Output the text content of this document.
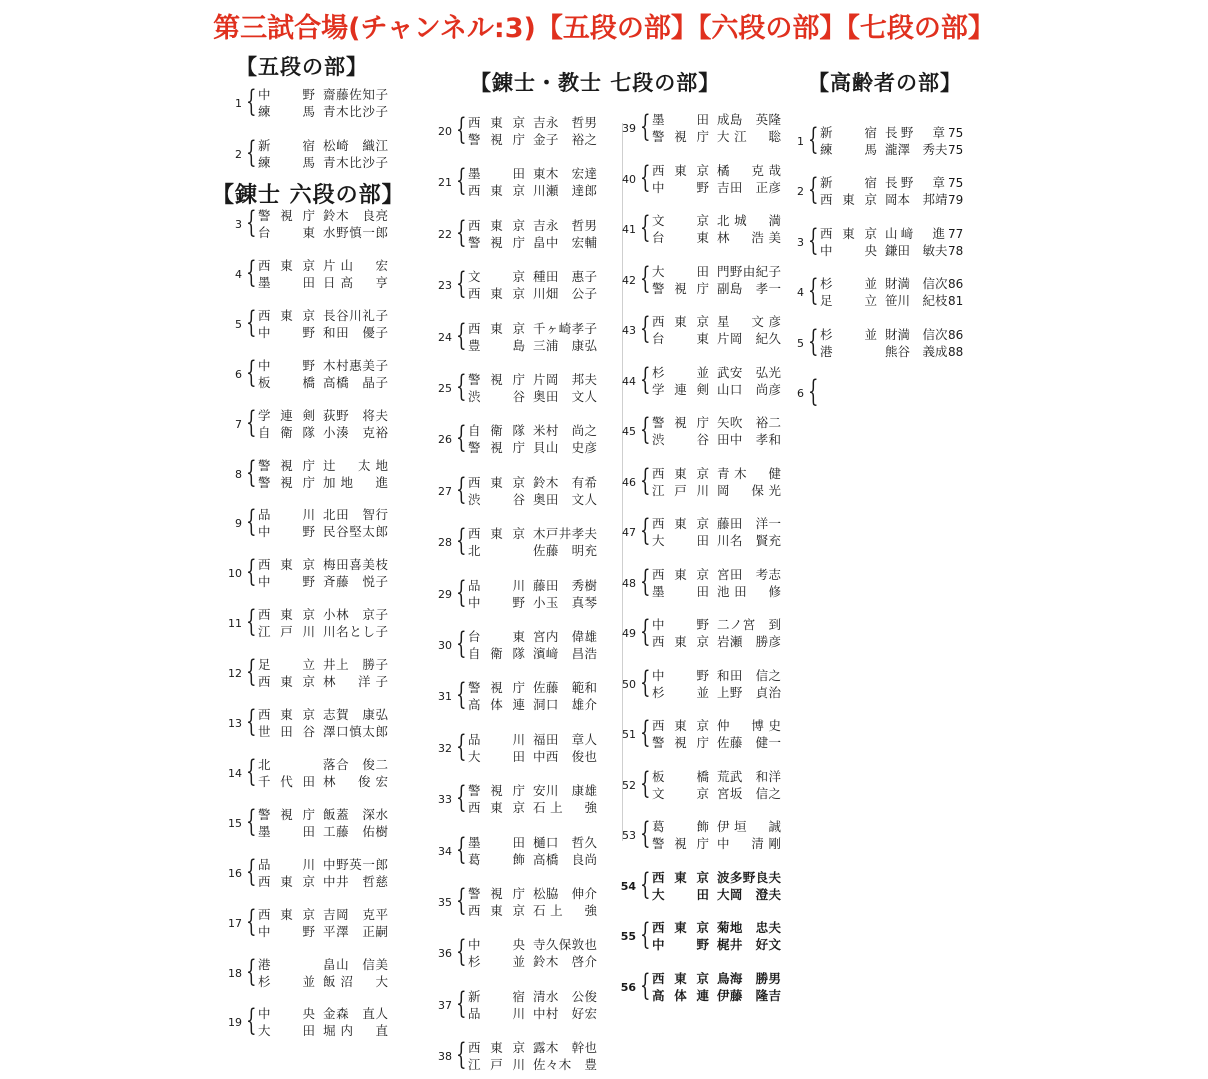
第三試合場(チャンネル:3)【五段の部】【六段の部】【七段の部】
【五段の部】
【錬士 六段の部】
【錬士・教士 七段の部】	【高齢者の部】
1 { 中　野 齋藤佐知子
練　馬 青木比沙子
2 { 新　宿 松崎　織江
練　馬 青木比沙子
3 { 警視庁 鈴木　良亮
台　東 水野慎一郎
4 { 西東京 片山　宏
墨　田 日高　亨
5 { 西東京 長谷川礼子
中　野 和田　優子
6 { 中　野 木村惠美子
板　橋 高橋　晶子
7 { 学連剣 荻野　将夫
自衛隊 小湊　克裕
8 { 警視庁 辻　太地
警視庁 加地　進
9 { 品　川 北田　智行
中　野 民谷堅太郎
10 { 西東京 梅田喜美枝
中　野 斉藤　悦子
11 { 西東京 小林　京子
江戸川 川名とし子
12 { 足　立 井上　勝子
西東京 林　洋子
13 { 西東京 志賀　康弘
世田谷 澤口慎太郎
14 { 北	落合　俊二
千代田 林　俊宏
15 { 警視庁 飯蓋　深水
墨　田 工藤　佑樹
16 { 品　川 中野英一郎
西東京 中井　哲慈
17 { 西東京 吉岡　克平
中　野 平澤　正嗣
18 { 港	畠山　信美
杉　並 飯沼　大
19 { 中　央 金森　直人
大　田 堀内　直
20 { 西東京 吉永　哲男
警視庁 金子　裕之
21 { 墨　田 東木　宏達
西東京 川瀬　達郎
22 { 西東京 吉永　哲男
警視庁 畠中　宏輔
23 { 文　京 種田　惠子
西東京 川畑　公子
24 { 西東京 千ヶ崎孝子
豊　島 三浦　康弘
25 { 警視庁 片岡　邦夫
渋　谷 奥田　文人
26 { 自衛隊 米村　尚之
警視庁 貝山　史彦
27 { 西東京 鈴木　有希
渋　谷 奥田　文人
28 { 西東京 木戸井孝夫
北	佐藤　明充
29 { 品　川 藤田　秀樹
中　野 小玉　真琴
30 { 台　東 宮内　偉雄
自衛隊 濱﨑　昌浩
31 { 警視庁 佐藤　範和
高体連 洞口　雄介
32 { 品　川 福田　章人
大　田 中西　俊也
33 { 警視庁 安川　康雄
西東京 石上　強
34 { 墨　田 樋口　哲久
葛　飾 高橋　良尚
35 { 警視庁 松脇　伸介
西東京 石上　強
36 { 中　央 寺久保敦也
杉　並 鈴木　啓介
37 { 新　宿 清水　公俊
品　川 中村　好宏
38 { 西東京 露木　幹也
江戸川 佐々木　豊
39 { 墨　田 成島　英隆
警視庁 大江　聡
40 { 西東京 橘　克哉
中　野 吉田　正彦
41 { 文　京 北城　満
台　東 林　浩美
42 { 大　田 門野由紀子
警視庁 副島　孝一
43 { 西東京 星　文彦
台　東 片岡　紀久
44 { 杉　並 武安　弘光
学連剣 山口　尚彦
45 { 警視庁 矢吹　裕二
渋　谷 田中　孝和
46 { 西東京 青木　健
江戸川 岡　保光
47 { 西東京 藤田　洋一
大　田 川名　賢充
48 { 西東京 宮田　考志
墨　田 池田　修
49 { 中　野 二ノ宮　到
西東京 岩瀬　勝彦
50 { 中　野 和田　信之
杉　並 上野　貞治
51 { 西東京 仲　博史
警視庁 佐藤　健一
52 { 板　橋 荒武　和洋
文　京 宮坂　信之
53 { 葛　飾 伊垣　誠
警視庁 中　清剛
54 { 西東京 波多野良夫
大　田 大岡　澄夫
55 { 西東京 菊地　忠夫
中　野 梶井　好文
56 { 西東京 鳥海　勝男
高体連 伊藤　隆吉
1 { 新　宿 長野　章 75
練　馬 瀧澤　秀夫75
2 { 新　宿 長野　章 75
西東京 岡本　邦靖79
3 { 西東京 山﨑　進 77
中　央 鎌田　敏夫78
4 { 杉　並 財満　信次86
足　立 笹川　紀枝81
5 { 杉　並 財満　信次86
港	熊谷　義成88
6 {
